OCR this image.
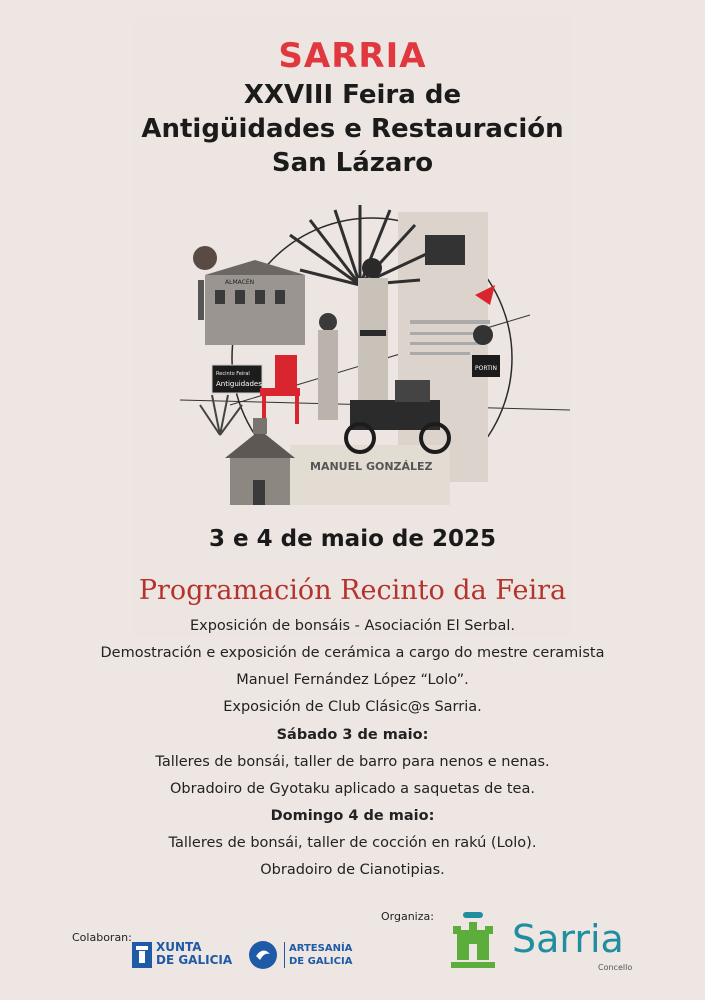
SARRIA
XXVIII Feira de
Antigüidades e Restauración
San Lázaro
MANUEL GONZÁLEZ
ALMACÉN
Recinto Feiral
Antiguidades
PORTIN
3 e 4 de maio de 2025
Programación Recinto da Feira
Exposición de bonsáis - Asociación El Serbal.
Demostración e exposición de cerámica a cargo do mestre ceramista
Manuel Fernández López “Lolo”.
Exposición de Club Clásic@s Sarria.
Sábado 3 de maio:
Talleres de bonsái, taller de barro para nenos e nenas.
Obradoiro de Gyotaku aplicado a saquetas de tea.
Domingo 4 de maio:
Talleres de bonsái, taller de cocción en rakú (Lolo).
Obradoiro de Cianotipias.
Colaboran:
Organiza:
XUNTA
DE GALICIA
ARTESANÍA
DE GALICIA
Sarria
Concello
